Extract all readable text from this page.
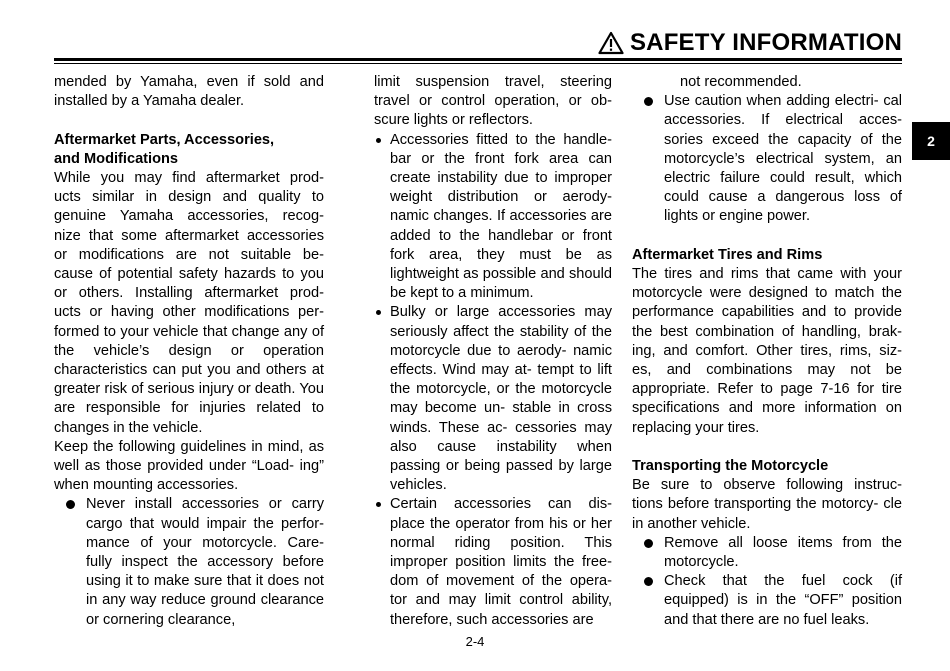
SAFETY INFORMATION
2
mended by Yamaha, even if sold and installed by a Yamaha dealer.
Aftermarket Parts, Accessories,
and Modifications
While you may find aftermarket prod- ucts similar in design and quality to genuine Yamaha accessories, recog- nize that some aftermarket accessories or modifications are not suitable be- cause of potential safety hazards to you or others. Installing aftermarket prod- ucts or having other modifications per- formed to your vehicle that change any of the vehicle’s design or operation characteristics can put you and others at greater risk of serious injury or death. You are responsible for injuries related to changes in the vehicle.
Keep the following guidelines in mind, as well as those provided under “Load- ing” when mounting accessories.
Never install accessories or carry cargo that would impair the perfor- mance of your motorcycle. Care- fully inspect the accessory before using it to make sure that it does not in any way reduce ground clearance or cornering clearance,
limit suspension travel, steering travel or control operation, or ob- scure lights or reflectors.
Accessories fitted to the handle- bar or the front fork area can create instability due to improper weight distribution or aerody- namic changes. If accessories are added to the handlebar or front fork area, they must be as lightweight as possible and should be kept to a minimum.
Bulky or large accessories may seriously affect the stability of the motorcycle due to aerody- namic effects. Wind may at- tempt to lift the motorcycle, or the motorcycle may become un- stable in cross winds. These ac- cessories may also cause instability when passing or being passed by large vehicles.
Certain accessories can dis- place the operator from his or her normal riding position. This improper position limits the free- dom of movement of the opera- tor and may limit control ability, therefore, such accessories are
not recommended.
Use caution when adding electri- cal accessories. If electrical acces- sories exceed the capacity of the motorcycle’s electrical system, an electric failure could result, which could cause a dangerous loss of lights or engine power.
Aftermarket Tires and Rims
The tires and rims that came with your motorcycle were designed to match the performance capabilities and to provide the best combination of handling, brak- ing, and comfort. Other tires, rims, siz- es, and combinations may not be appropriate. Refer to page 7-16 for tire specifications and more information on replacing your tires.
Transporting the Motorcycle
Be sure to observe following instruc- tions before transporting the motorcy- cle in another vehicle.
Remove all loose items from the motorcycle.
Check that the fuel cock (if equipped) is in the “OFF” position and that there are no fuel leaks.
2-4
